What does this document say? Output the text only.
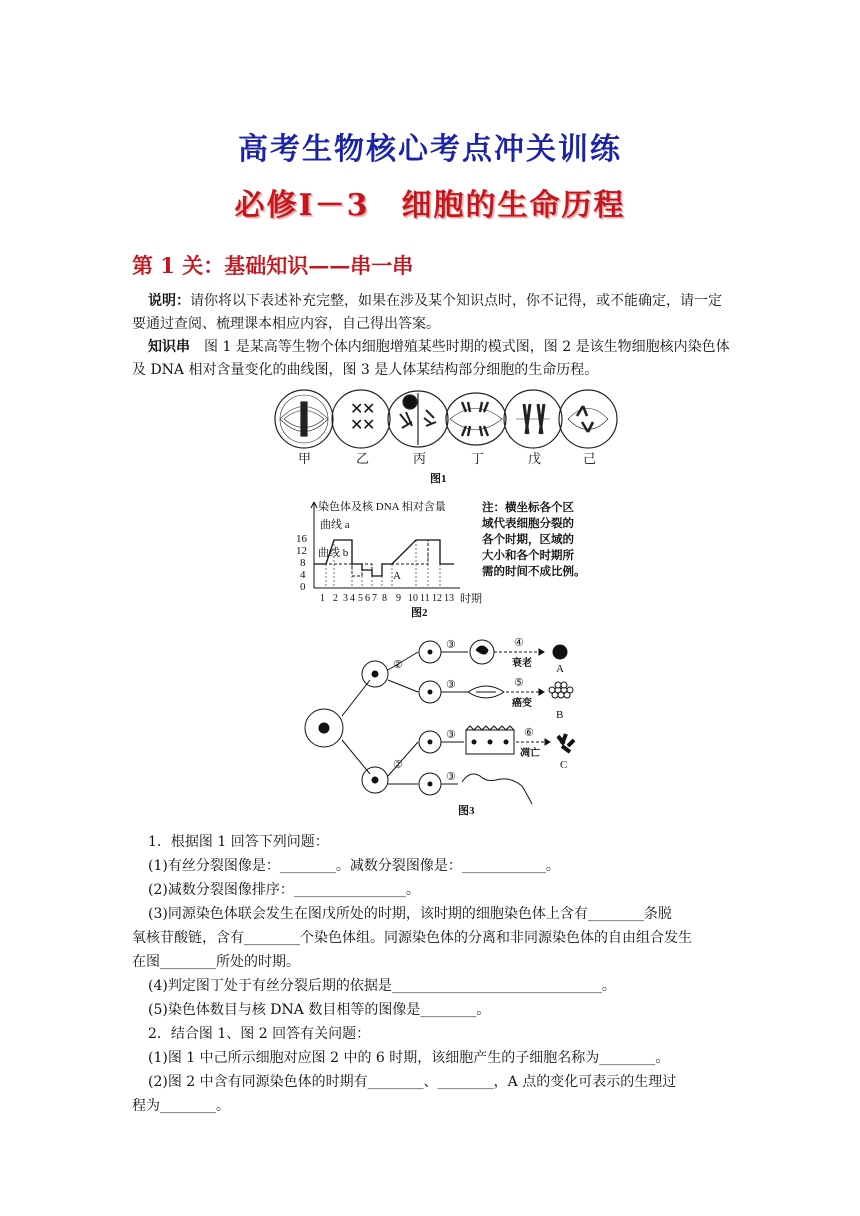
高考生物核心考点冲关训练
必修Ⅰ－3　细胞的生命历程
第 1 关：基础知识——串一串
说明：请你将以下表述补充完整，如果在涉及某个知识点时，你不记得，或不能确定，请一定要通过查阅、梳理课本相应内容，自己得出答案。
知识串　 图 1 是某高等生物个体内细胞增殖某些时期的模式图，图 2 是该生物细胞核内染色体及 DNA 相对含量变化的曲线图，图 3 是人体某结构部分细胞的生命历程。
✕
✕
✕
✕
甲	乙	丙	丁	戊	己
图1
染色体及核 DNA 相对含量
曲线 a
曲线 b
16
12
8
4
0
A
时期
图2
1 2 3 4 5 6 7 8 9 10 11 12 13
注：横坐标各个区
域代表细胞分裂的
各个时期，区域的
大小和各个时期所
需的时间不成比例。
①
②
②
③
③
③
③
④
⑤
⑥
衰老
癌变
凋亡
A
B
C
图3
1．根据图 1 回答下列问题：
(1)有丝分裂图像是：________。减数分裂图像是：____________。
(2)减数分裂图像排序：________________。
(3)同源染色体联会发生在图戊所处的时期，该时期的细胞染色体上含有________条脱
氧核苷酸链，含有________个染色体组。同源染色体的分离和非同源染色体的自由组合发生
在图________所处的时期。
(4)判定图丁处于有丝分裂后期的依据是______________________________。
(5)染色体数目与核 DNA 数目相等的图像是________。
2．结合图 1、图 2 回答有关问题：
(1)图 1 中己所示细胞对应图 2 中的 6 时期，该细胞产生的子细胞名称为________。
(2)图 2 中含有同源染色体的时期有________、________，A 点的变化可表示的生理过
程为________。
